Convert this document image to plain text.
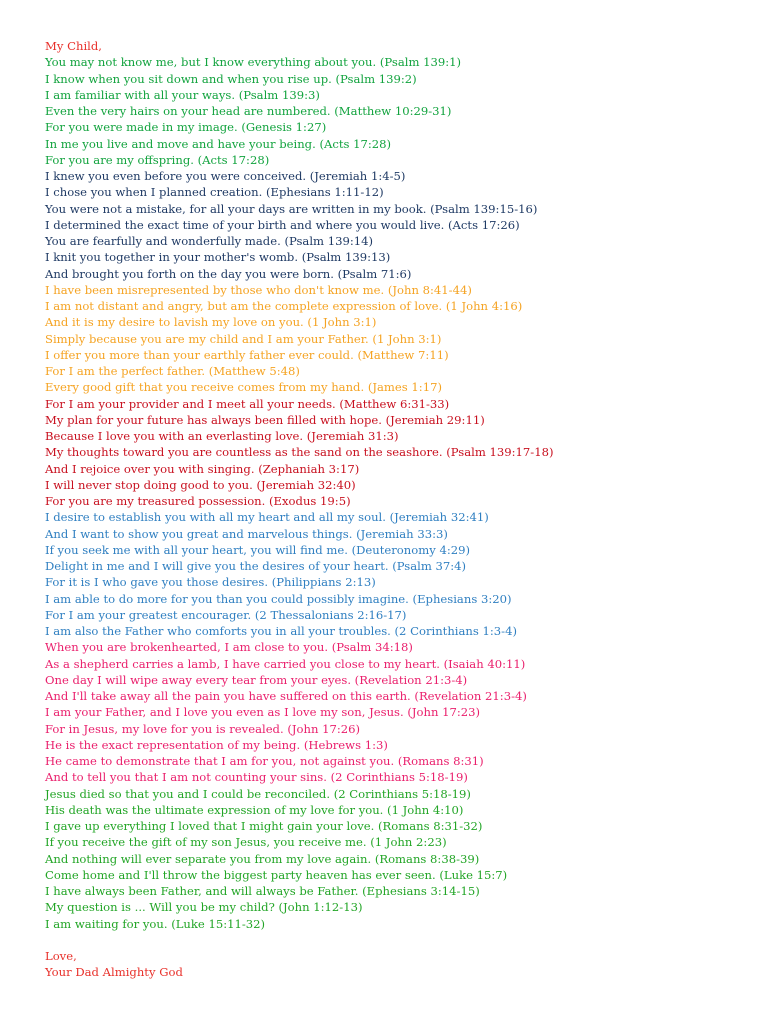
My Child,
You may not know me, but I know everything about you. (Psalm 139:1)
I know when you sit down and when you rise up. (Psalm 139:2)
I am familiar with all your ways. (Psalm 139:3)
Even the very hairs on your head are numbered. (Matthew 10:29-31)
For you were made in my image. (Genesis 1:27)
In me you live and move and have your being. (Acts 17:28)
For you are my offspring. (Acts 17:28)
I knew you even before you were conceived. (Jeremiah 1:4-5)
I chose you when I planned creation. (Ephesians 1:11-12)
You were not a mistake, for all your days are written in my book. (Psalm 139:15-16)
I determined the exact time of your birth and where you would live. (Acts 17:26)
You are fearfully and wonderfully made. (Psalm 139:14)
I knit you together in your mother's womb. (Psalm 139:13)
And brought you forth on the day you were born. (Psalm 71:6)
I have been misrepresented by those who don't know me. (John 8:41-44)
I am not distant and angry, but am the complete expression of love. (1 John 4:16)
And it is my desire to lavish my love on you. (1 John 3:1)
Simply because you are my child and I am your Father. (1 John 3:1)
I offer you more than your earthly father ever could. (Matthew 7:11)
For I am the perfect father. (Matthew 5:48)
Every good gift that you receive comes from my hand. (James 1:17)
For I am your provider and I meet all your needs. (Matthew 6:31-33)
My plan for your future has always been filled with hope. (Jeremiah 29:11)
Because I love you with an everlasting love. (Jeremiah 31:3)
My thoughts toward you are countless as the sand on the seashore. (Psalm 139:17-18)
And I rejoice over you with singing. (Zephaniah 3:17)
I will never stop doing good to you. (Jeremiah 32:40)
For you are my treasured possession. (Exodus 19:5)
I desire to establish you with all my heart and all my soul. (Jeremiah 32:41)
And I want to show you great and marvelous things. (Jeremiah 33:3)
If you seek me with all your heart, you will find me. (Deuteronomy 4:29)
Delight in me and I will give you the desires of your heart. (Psalm 37:4)
For it is I who gave you those desires. (Philippians 2:13)
I am able to do more for you than you could possibly imagine. (Ephesians 3:20)
For I am your greatest encourager. (2 Thessalonians 2:16-17)
I am also the Father who comforts you in all your troubles. (2 Corinthians 1:3-4)
When you are brokenhearted, I am close to you. (Psalm 34:18)
As a shepherd carries a lamb, I have carried you close to my heart. (Isaiah 40:11)
One day I will wipe away every tear from your eyes. (Revelation 21:3-4)
And I'll take away all the pain you have suffered on this earth. (Revelation 21:3-4)
I am your Father, and I love you even as I love my son, Jesus. (John 17:23)
For in Jesus, my love for you is revealed. (John 17:26)
He is the exact representation of my being. (Hebrews 1:3)
He came to demonstrate that I am for you, not against you. (Romans 8:31)
And to tell you that I am not counting your sins. (2 Corinthians 5:18-19)
Jesus died so that you and I could be reconciled. (2 Corinthians 5:18-19)
His death was the ultimate expression of my love for you. (1 John 4:10)
I gave up everything I loved that I might gain your love. (Romans 8:31-32)
If you receive the gift of my son Jesus, you receive me. (1 John 2:23)
And nothing will ever separate you from my love again. (Romans 8:38-39)
Come home and I'll throw the biggest party heaven has ever seen. (Luke 15:7)
I have always been Father, and will always be Father. (Ephesians 3:14-15)
My question is ... Will you be my child? (John 1:12-13)
I am waiting for you. (Luke 15:11-32)
Love,
Your Dad Almighty God
